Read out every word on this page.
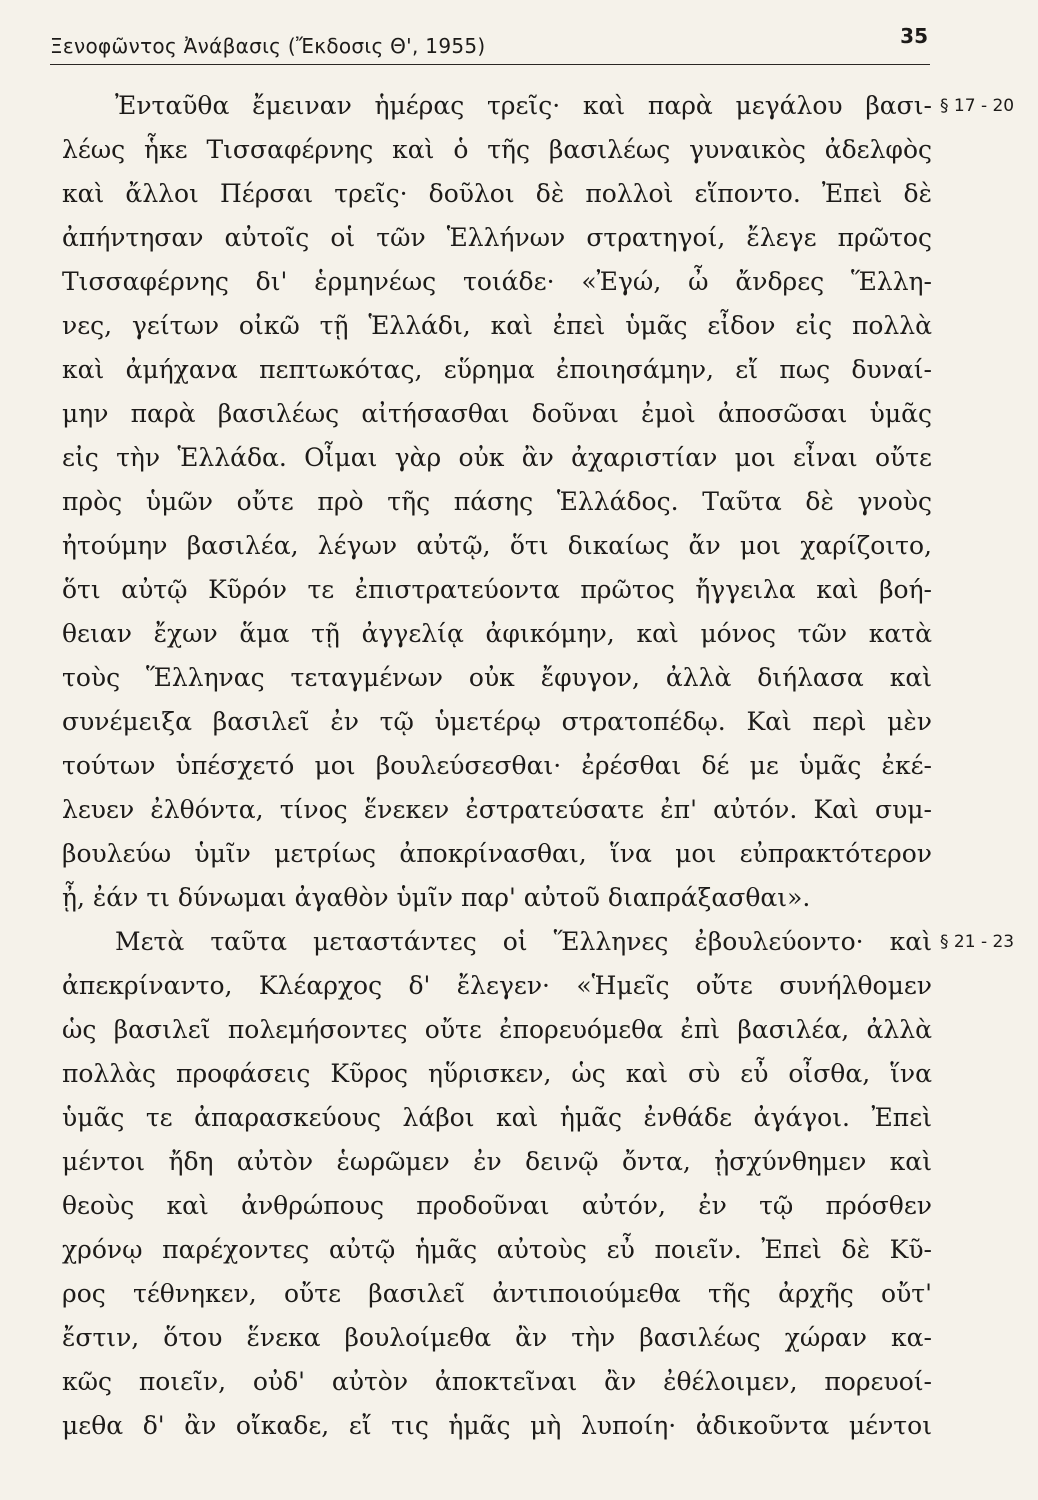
Ξενοφῶντος Ἀνάβασις (Ἔκδοσις Θ', 1955)	35
Ἐνταῦθα ἔμειναν ἡμέρας τρεῖς· καὶ παρὰ μεγάλου βασι-
λέως ἧκε Τισσαφέρνης καὶ ὁ τῆς βασιλέως γυναικὸς ἀδελφὸς
καὶ ἄλλοι Πέρσαι τρεῖς· δοῦλοι δὲ πολλοὶ εἵποντο. Ἐπεὶ δὲ
ἀπήντησαν αὐτοῖς οἱ τῶν Ἑλλήνων στρατηγοί, ἔλεγε πρῶτος
Τισσαφέρνης δι' ἑρμηνέως τοιάδε· «Ἐγώ, ὦ ἄνδρες Ἕλλη-
νες, γείτων οἰκῶ τῇ Ἑλλάδι, καὶ ἐπεὶ ὑμᾶς εἶδον εἰς πολλὰ
καὶ ἀμήχανα πεπτωκότας, εὕρημα ἐποιησάμην, εἴ πως δυναί-
μην παρὰ βασιλέως αἰτήσασθαι δοῦναι ἐμοὶ ἀποσῶσαι ὑμᾶς
εἰς τὴν Ἑλλάδα. Οἶμαι γὰρ οὐκ ἂν ἀχαριστίαν μοι εἶναι οὔτε
πρὸς ὑμῶν οὔτε πρὸ τῆς πάσης Ἑλλάδος. Ταῦτα δὲ γνοὺς
ἠτούμην βασιλέα, λέγων αὐτῷ, ὅτι δικαίως ἄν μοι χαρίζοιτο,
ὅτι αὐτῷ Κῦρόν τε ἐπιστρατεύοντα πρῶτος ἤγγειλα καὶ βοή-
θειαν ἔχων ἅμα τῇ ἀγγελίᾳ ἀφικόμην, καὶ μόνος τῶν κατὰ
τοὺς Ἕλληνας τεταγμένων οὐκ ἔφυγον, ἀλλὰ διήλασα καὶ
συνέμειξα βασιλεῖ ἐν τῷ ὑμετέρῳ στρατοπέδῳ. Καὶ περὶ μὲν
τούτων ὑπέσχετό μοι βουλεύσεσθαι· ἐρέσθαι δέ με ὑμᾶς ἐκέ-
λευεν ἐλθόντα, τίνος ἕνεκεν ἐστρατεύσατε ἐπ' αὐτόν. Καὶ συμ-
βουλεύω ὑμῖν μετρίως ἀποκρίνασθαι, ἵνα μοι εὐπρακτότερον
ᾖ, ἐάν τι δύνωμαι ἀγαθὸν ὑμῖν παρ' αὐτοῦ διαπράξασθαι».
Μετὰ ταῦτα μεταστάντες οἱ Ἕλληνες ἐβουλεύοντο· καὶ
ἀπεκρίναντο, Κλέαρχος δ' ἔλεγεν· «Ἡμεῖς οὔτε συνήλθομεν
ὡς βασιλεῖ πολεμήσοντες οὔτε ἐπορευόμεθα ἐπὶ βασιλέα, ἀλλὰ
πολλὰς προφάσεις Κῦρος ηὕρισκεν, ὡς καὶ σὺ εὖ οἶσθα, ἵνα
ὑμᾶς τε ἀπαρασκεύους λάβοι καὶ ἡμᾶς ἐνθάδε ἀγάγοι. Ἐπεὶ
μέντοι ἤδη αὐτὸν ἑωρῶμεν ἐν δεινῷ ὄντα, ᾐσχύνθημεν καὶ
θεοὺς καὶ ἀνθρώπους προδοῦναι αὐτόν, ἐν τῷ πρόσθεν
χρόνῳ παρέχοντες αὐτῷ ἡμᾶς αὐτοὺς εὖ ποιεῖν. Ἐπεὶ δὲ Κῦ-
ρος τέθνηκεν, οὔτε βασιλεῖ ἀντιποιούμεθα τῆς ἀρχῆς οὔτ'
ἔστιν, ὅτου ἕνεκα βουλοίμεθα ἂν τὴν βασιλέως χώραν κα-
κῶς ποιεῖν, οὐδ' αὐτὸν ἀποκτεῖναι ἂν ἐθέλοιμεν, πορευοί-
μεθα δ' ἂν οἴκαδε, εἴ τις ἡμᾶς μὴ λυποίη· ἀδικοῦντα μέντοι
§ 17 - 20
§ 21 - 23
